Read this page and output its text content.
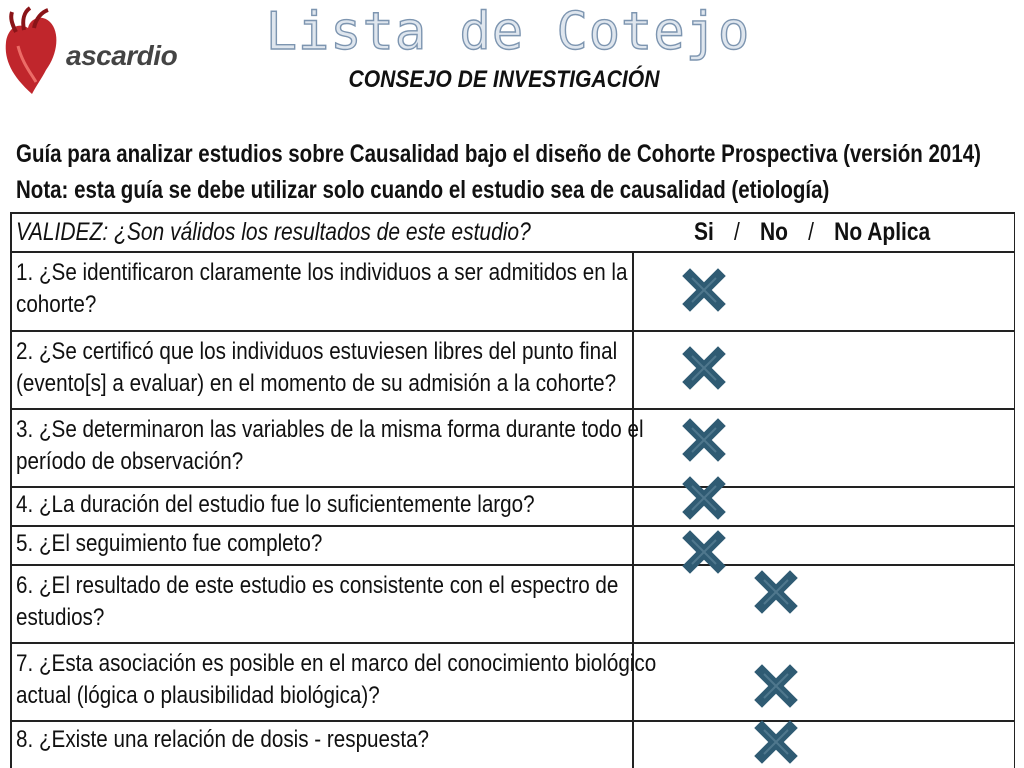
ascardio	Lista de Cotejo
CONSEJO DE INVESTIGACIÓN
Guía para analizar estudios sobre Causalidad bajo el diseño de Cohorte Prospectiva (versión 2014)
Nota: esta guía se debe utilizar solo cuando el estudio sea de causalidad (etiología)
VALIDEZ: ¿Son válidos los resultados de este estudio?	Si / No / No Aplica
1. ¿Se identificaron claramente los individuos a ser admitidos en la
cohorte?
2. ¿Se certificó que los individuos estuviesen libres del punto final
(evento[s] a evaluar) en el momento de su admisión a la cohorte?
3. ¿Se determinaron las variables de la misma forma durante todo el
período de observación?
4. ¿La duración del estudio fue lo suficientemente largo?
5. ¿El seguimiento fue completo?
6. ¿El resultado de este estudio es consistente con el espectro de
estudios?
7. ¿Esta asociación es posible en el marco del conocimiento biológico
actual (lógica o plausibilidad biológica)?
8. ¿Existe una relación de dosis - respuesta?
